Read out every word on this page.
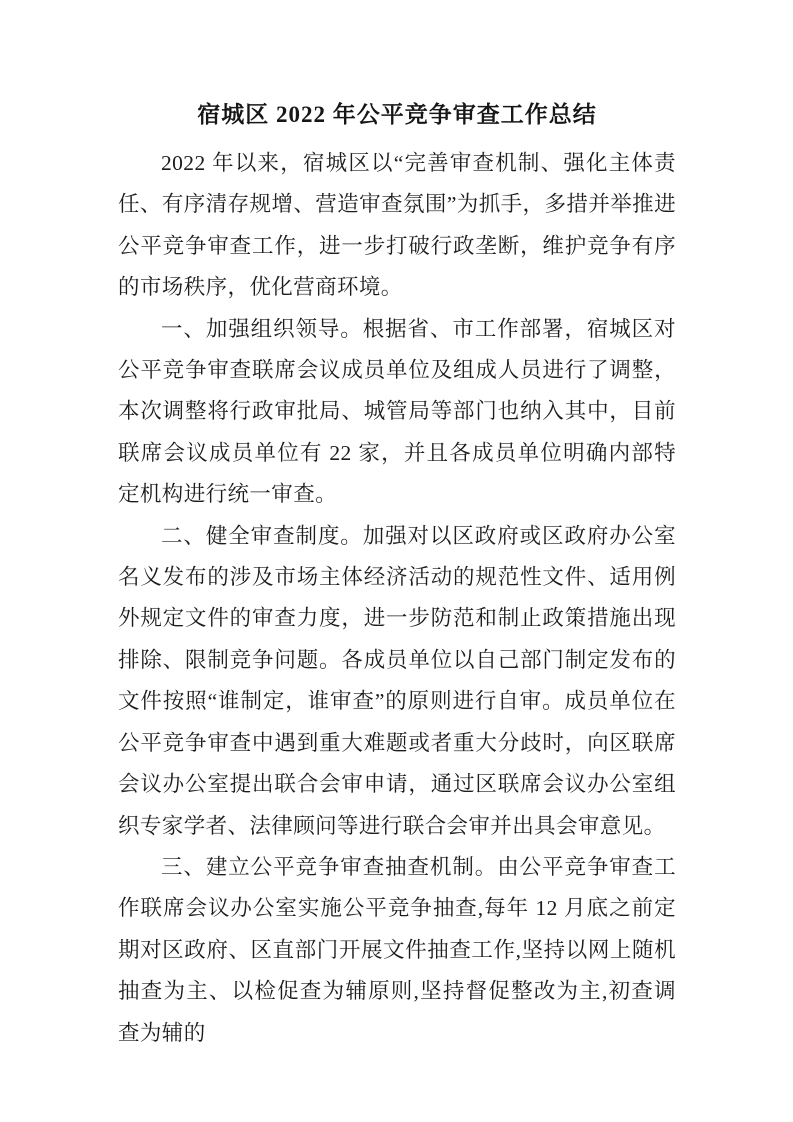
宿城区 2022 年公平竞争审查工作总结

2022 年以来，宿城区以“完善审查机制、强化主体责任、有序清存规增、营造审查氛围”为抓手，多措并举推进公平竞争审查工作，进一步打破行政垄断，维护竞争有序的市场秩序，优化营商环境。

一、加强组织领导。根据省、市工作部署，宿城区对公平竞争审查联席会议成员单位及组成人员进行了调整，本次调整将行政审批局、城管局等部门也纳入其中，目前联席会议成员单位有 22 家，并且各成员单位明确内部特定机构进行统一审查。

二、健全审查制度。加强对以区政府或区政府办公室名义发布的涉及市场主体经济活动的规范性文件、适用例外规定文件的审查力度，进一步防范和制止政策措施出现排除、限制竞争问题。各成员单位以自己部门制定发布的文件按照“谁制定，谁审查”的原则进行自审。成员单位在公平竞争审查中遇到重大难题或者重大分歧时，向区联席会议办公室提出联合会审申请，通过区联席会议办公室组织专家学者、法律顾问等进行联合会审并出具会审意见。

三、建立公平竞争审查抽查机制。由公平竞争审查工作联席会议办公室实施公平竞争抽查,每年 12 月底之前定期对区政府、区直部门开展文件抽查工作,坚持以网上随机抽查为主、以检促查为辅原则,坚持督促整改为主,初查调查为辅的
